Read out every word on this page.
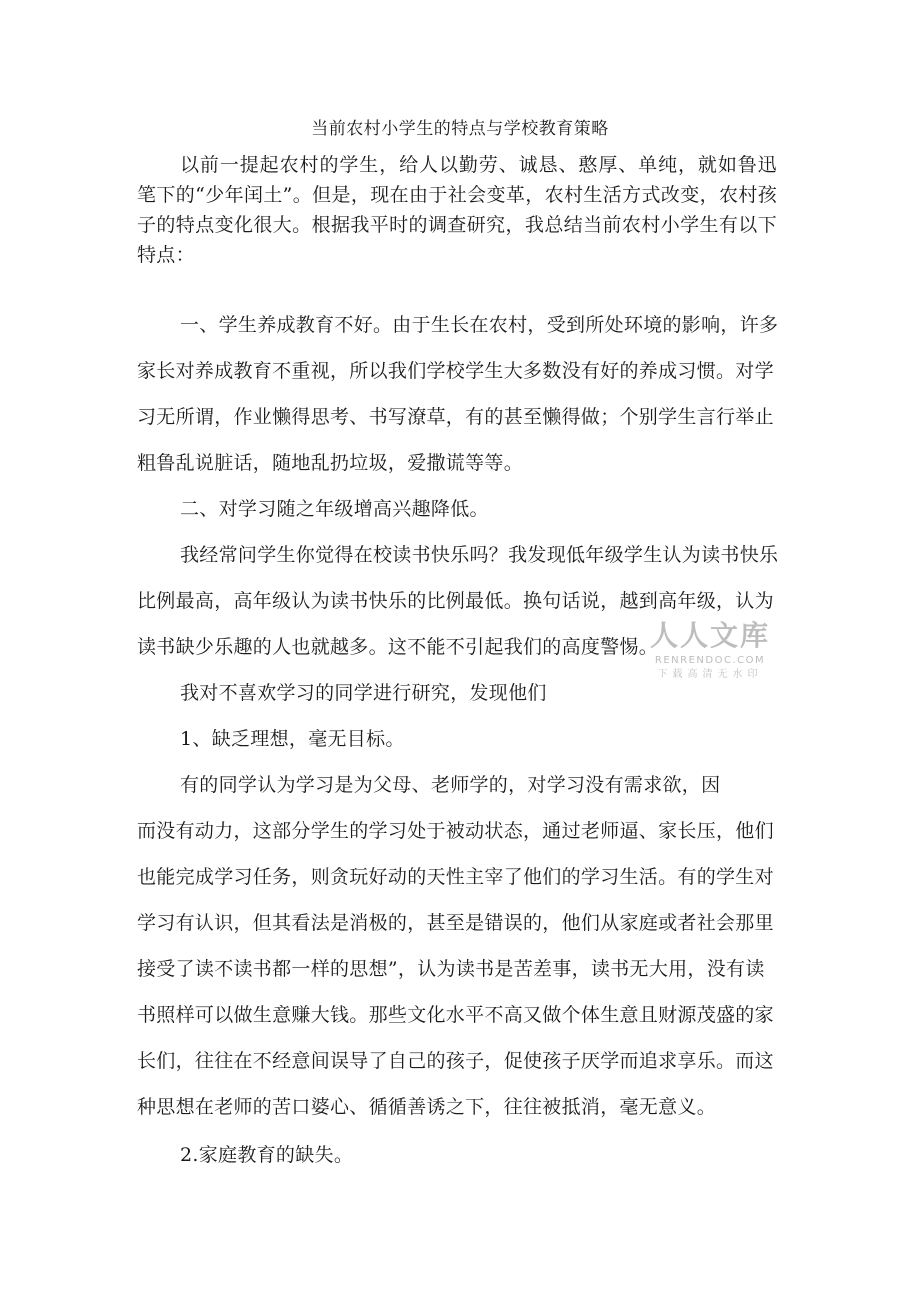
当前农村小学生的特点与学校教育策略

以前一提起农村的学生，给人以勤劳、诚恳、憨厚、单纯，就如鲁迅笔下的“少年闰土”。但是，现在由于社会变革，农村生活方式改变，农村孩子的特点变化很大。根据我平时的调查研究，我总结当前农村小学生有以下特点：

一、学生养成教育不好。由于生长在农村，受到所处环境的影响，许多

家长对养成教育不重视，所以我们学校学生大多数没有好的养成习惯。对学

习无所谓，作业懒得思考、书写潦草，有的甚至懒得做；个别学生言行举止

粗鲁乱说脏话，随地乱扔垃圾，爱撒谎等等。

二、对学习随之年级增高兴趣降低。

我经常问学生你觉得在校读书快乐吗？我发现低年级学生认为读书快乐

比例最高，高年级认为读书快乐的比例最低。换句话说，越到高年级，认为

读书缺少乐趣的人也就越多。这不能不引起我们的高度警惕。

我对不喜欢学习的同学进行研究，发现他们

1、缺乏理想，毫无目标。

有的同学认为学习是为父母、老师学的，对学习没有需求欲，因

而没有动力，这部分学生的学习处于被动状态，通过老师逼、家长压，他们

也能完成学习任务，则贪玩好动的天性主宰了他们的学习生活。有的学生对

学习有认识，但其看法是消极的，甚至是错误的，他们从家庭或者社会那里

接受了读不读书都一样的思想”，认为读书是苦差事，读书无大用，没有读

书照样可以做生意赚大钱。那些文化水平不高又做个体生意且财源茂盛的家

长们，往往在不经意间误导了自己的孩子，促使孩子厌学而追求享乐。而这

种思想在老师的苦口婆心、循循善诱之下，往往被抵消，毫无意义。

2.家庭教育的缺失。

人人文库
RENRENDOC.COM
下载高清无水印
